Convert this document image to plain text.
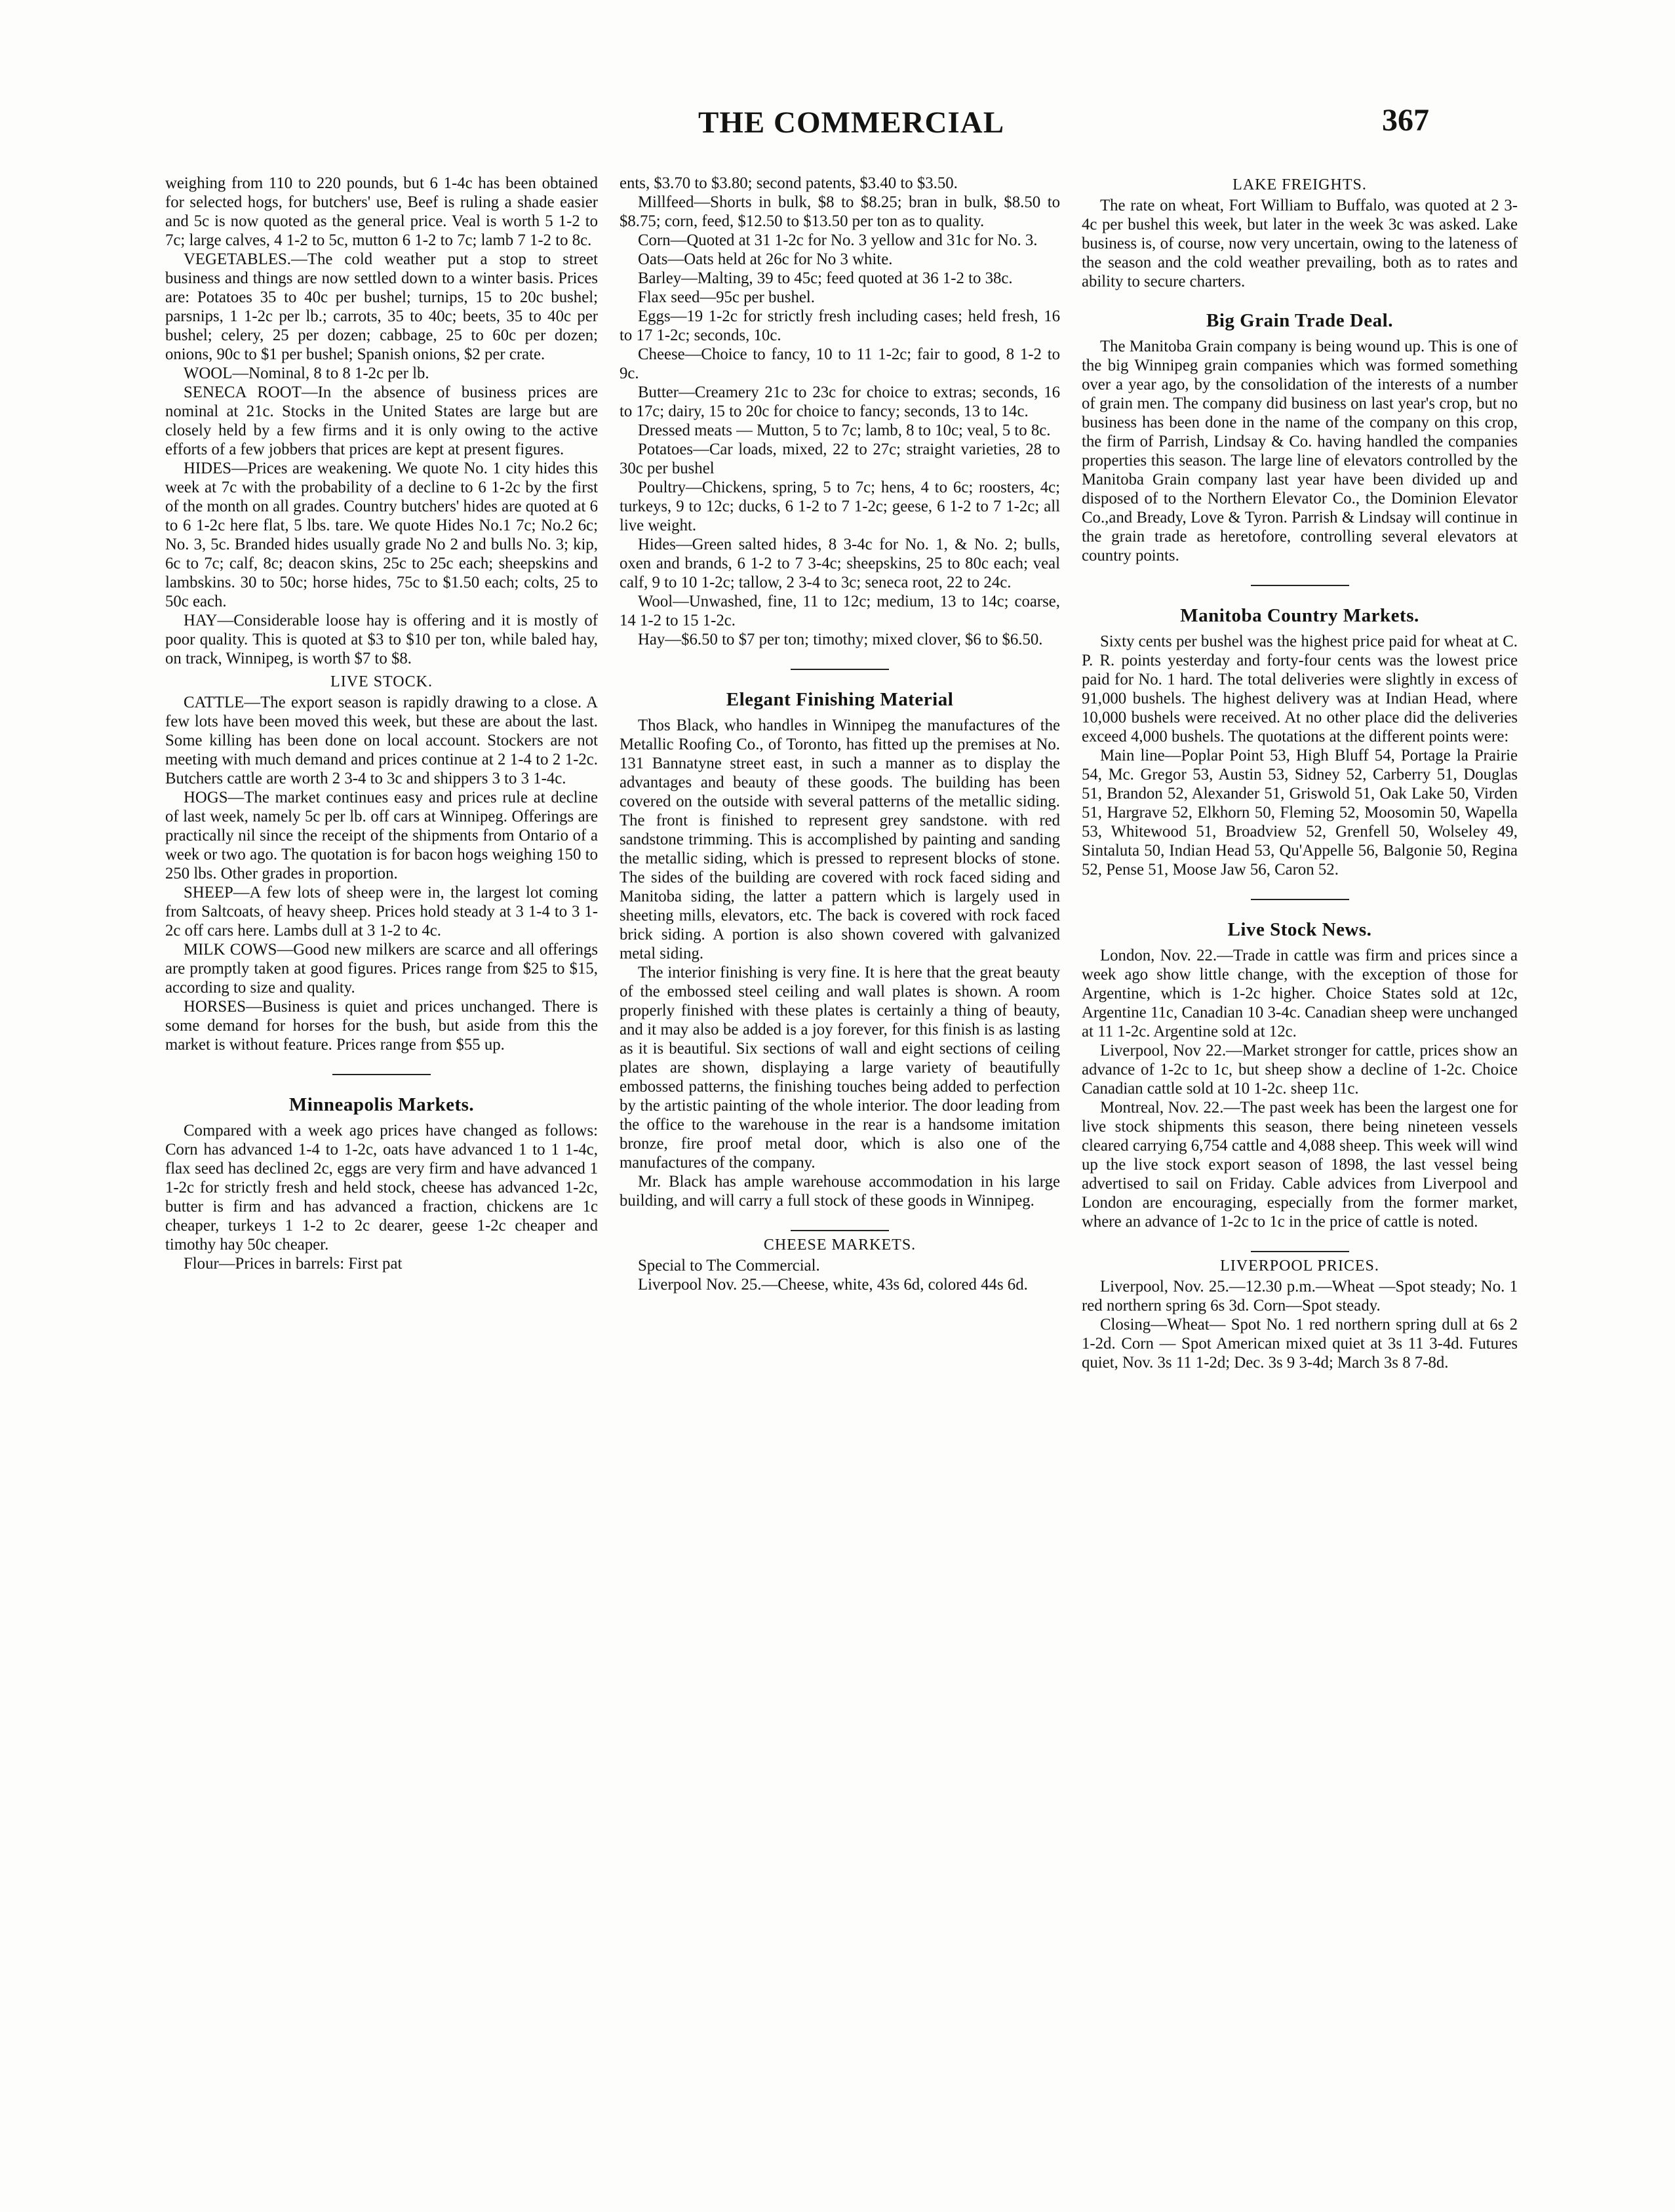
THE COMMERCIAL	367

weighing from 110 to 220 pounds, but 6 1-4c has been obtained for selected hogs, for butchers' use, Beef is ruling a shade easier and 5c is now quoted as the general price. Veal is worth 5 1-2 to 7c; large calves, 4 1-2 to 5c, mutton 6 1-2 to 7c; lamb 7 1-2 to 8c.

VEGETABLES.—The cold weather put a stop to street business and things are now settled down to a winter basis. Prices are: Potatoes 35 to 40c per bushel; turnips, 15 to 20c bushel; parsnips, 1 1-2c per lb.; carrots, 35 to 40c; beets, 35 to 40c per bushel; celery, 25 per dozen; cabbage, 25 to 60c per dozen; onions, 90c to $1 per bushel; Spanish onions, $2 per crate.

WOOL—Nominal, 8 to 8 1-2c per lb.

SENECA ROOT—In the absence of business prices are nominal at 21c. Stocks in the United States are large but are closely held by a few firms and it is only owing to the active efforts of a few jobbers that prices are kept at present figures.

HIDES—Prices are weakening. We quote No. 1 city hides this week at 7c with the probability of a decline to 6 1-2c by the first of the month on all grades. Country butchers' hides are quoted at 6 to 6 1-2c here flat, 5 lbs. tare. We quote Hides No.1 7c; No.2 6c; No. 3, 5c. Branded hides usually grade No 2 and bulls No. 3; kip, 6c to 7c; calf, 8c; deacon skins, 25c to 25c each; sheepskins and lambskins. 30 to 50c; horse hides, 75c to $1.50 each; colts, 25 to 50c each.

HAY—Considerable loose hay is offering and it is mostly of poor quality. This is quoted at $3 to $10 per ton, while baled hay, on track, Winnipeg, is worth $7 to $8.

LIVE STOCK.

CATTLE—The export season is rapidly drawing to a close. A few lots have been moved this week, but these are about the last. Some killing has been done on local account. Stockers are not meeting with much demand and prices continue at 2 1-4 to 2 1-2c. Butchers cattle are worth 2 3-4 to 3c and shippers 3 to 3 1-4c.

HOGS—The market continues easy and prices rule at decline of last week, namely 5c per lb. off cars at Winnipeg. Offerings are practically nil since the receipt of the shipments from Ontario of a week or two ago. The quotation is for bacon hogs weighing 150 to 250 lbs. Other grades in proportion.

SHEEP—A few lots of sheep were in, the largest lot coming from Saltcoats, of heavy sheep. Prices hold steady at 3 1-4 to 3 1-2c off cars here. Lambs dull at 3 1-2 to 4c.

MILK COWS—Good new milkers are scarce and all offerings are promptly taken at good figures. Prices range from $25 to $15, according to size and quality.

HORSES—Business is quiet and prices unchanged. There is some demand for horses for the bush, but aside from this the market is without feature. Prices range from $55 up.

Minneapolis Markets.

Compared with a week ago prices have changed as follows: Corn has advanced 1-4 to 1-2c, oats have advanced 1 to 1 1-4c, flax seed has declined 2c, eggs are very firm and have advanced 1 1-2c for strictly fresh and held stock, cheese has advanced 1-2c, butter is firm and has advanced a fraction, chickens are 1c cheaper, turkeys 1 1-2 to 2c dearer, geese 1-2c cheaper and timothy hay 50c cheaper.

Flour—Prices in barrels: First pat

ents, $3.70 to $3.80; second patents, $3.40 to $3.50.

Millfeed—Shorts in bulk, $8 to $8.25; bran in bulk, $8.50 to $8.75; corn, feed, $12.50 to $13.50 per ton as to quality.

Corn—Quoted at 31 1-2c for No. 3 yellow and 31c for No. 3.

Oats—Oats held at 26c for No 3 white.

Barley—Malting, 39 to 45c; feed quoted at 36 1-2 to 38c.

Flax seed—95c per bushel.

Eggs—19 1-2c for strictly fresh including cases; held fresh, 16 to 17 1-2c; seconds, 10c.

Cheese—Choice to fancy, 10 to 11 1-2c; fair to good, 8 1-2 to 9c.

Butter—Creamery 21c to 23c for choice to extras; seconds, 16 to 17c; dairy, 15 to 20c for choice to fancy; seconds, 13 to 14c.

Dressed meats — Mutton, 5 to 7c; lamb, 8 to 10c; veal, 5 to 8c.

Potatoes—Car loads, mixed, 22 to 27c; straight varieties, 28 to 30c per bushel

Poultry—Chickens, spring, 5 to 7c; hens, 4 to 6c; roosters, 4c; turkeys, 9 to 12c; ducks, 6 1-2 to 7 1-2c; geese, 6 1-2 to 7 1-2c; all live weight.

Hides—Green salted hides, 8 3-4c for No. 1, & No. 2; bulls, oxen and brands, 6 1-2 to 7 3-4c; sheepskins, 25 to 80c each; veal calf, 9 to 10 1-2c; tallow, 2 3-4 to 3c; seneca root, 22 to 24c.

Wool—Unwashed, fine, 11 to 12c; medium, 13 to 14c; coarse, 14 1-2 to 15 1-2c.

Hay—$6.50 to $7 per ton; timothy; mixed clover, $6 to $6.50.

Elegant Finishing Material

Thos Black, who handles in Winnipeg the manufactures of the Metallic Roofing Co., of Toronto, has fitted up the premises at No. 131 Bannatyne street east, in such a manner as to display the advantages and beauty of these goods. The building has been covered on the outside with several patterns of the metallic siding. The front is finished to represent grey sandstone. with red sandstone trimming. This is accomplished by painting and sanding the metallic siding, which is pressed to represent blocks of stone. The sides of the building are covered with rock faced siding and Manitoba siding, the latter a pattern which is largely used in sheeting mills, elevators, etc. The back is covered with rock faced brick siding. A portion is also shown covered with galvanized metal siding.

The interior finishing is very fine. It is here that the great beauty of the embossed steel ceiling and wall plates is shown. A room properly finished with these plates is certainly a thing of beauty, and it may also be added is a joy forever, for this finish is as lasting as it is beautiful. Six sections of wall and eight sections of ceiling plates are shown, displaying a large variety of beautifully embossed patterns, the finishing touches being added to perfection by the artistic painting of the whole interior. The door leading from the office to the warehouse in the rear is a handsome imitation bronze, fire proof metal door, which is also one of the manufactures of the company.

Mr. Black has ample warehouse accommodation in his large building, and will carry a full stock of these goods in Winnipeg.

CHEESE MARKETS.

Special to The Commercial.

Liverpool Nov. 25.—Cheese, white, 43s 6d, colored 44s 6d.

LAKE FREIGHTS.

The rate on wheat, Fort William to Buffalo, was quoted at 2 3-4c per bushel this week, but later in the week 3c was asked. Lake business is, of course, now very uncertain, owing to the lateness of the season and the cold weather prevailing, both as to rates and ability to secure charters.

Big Grain Trade Deal.

The Manitoba Grain company is being wound up. This is one of the big Winnipeg grain companies which was formed something over a year ago, by the consolidation of the interests of a number of grain men. The company did business on last year's crop, but no business has been done in the name of the company on this crop, the firm of Parrish, Lindsay & Co. having handled the companies properties this season. The large line of elevators controlled by the Manitoba Grain company last year have been divided up and disposed of to the Northern Elevator Co., the Dominion Elevator Co.,and Bready, Love & Tyron. Parrish & Lindsay will continue in the grain trade as heretofore, controlling several elevators at country points.

Manitoba Country Markets.

Sixty cents per bushel was the highest price paid for wheat at C. P. R. points yesterday and forty-four cents was the lowest price paid for No. 1 hard. The total deliveries were slightly in excess of 91,000 bushels. The highest delivery was at Indian Head, where 10,000 bushels were received. At no other place did the deliveries exceed 4,000 bushels. The quotations at the different points were:

Main line—Poplar Point 53, High Bluff 54, Portage la Prairie 54, Mc. Gregor 53, Austin 53, Sidney 52, Carberry 51, Douglas 51, Brandon 52, Alexander 51, Griswold 51, Oak Lake 50, Virden 51, Hargrave 52, Elkhorn 50, Fleming 52, Moosomin 50, Wapella 53, Whitewood 51, Broadview 52, Grenfell 50, Wolseley 49, Sintaluta 50, Indian Head 53, Qu'Appelle 56, Balgonie 50, Regina 52, Pense 51, Moose Jaw 56, Caron 52.

Live Stock News.

London, Nov. 22.—Trade in cattle was firm and prices since a week ago show little change, with the exception of those for Argentine, which is 1-2c higher. Choice States sold at 12c, Argentine 11c, Canadian 10 3-4c. Canadian sheep were unchanged at 11 1-2c. Argentine sold at 12c.

Liverpool, Nov 22.—Market stronger for cattle, prices show an advance of 1-2c to 1c, but sheep show a decline of 1-2c. Choice Canadian cattle sold at 10 1-2c. sheep 11c.

Montreal, Nov. 22.—The past week has been the largest one for live stock shipments this season, there being nineteen vessels cleared carrying 6,754 cattle and 4,088 sheep. This week will wind up the live stock export season of 1898, the last vessel being advertised to sail on Friday. Cable advices from Liverpool and London are encouraging, especially from the former market, where an advance of 1-2c to 1c in the price of cattle is noted.

LIVERPOOL PRICES.

Liverpool, Nov. 25.—12.30 p.m.—Wheat —Spot steady; No. 1 red northern spring 6s 3d. Corn—Spot steady.

Closing—Wheat— Spot No. 1 red northern spring dull at 6s 2 1-2d. Corn — Spot American mixed quiet at 3s 11 3-4d. Futures quiet, Nov. 3s 11 1-2d; Dec. 3s 9 3-4d; March 3s 8 7-8d.
